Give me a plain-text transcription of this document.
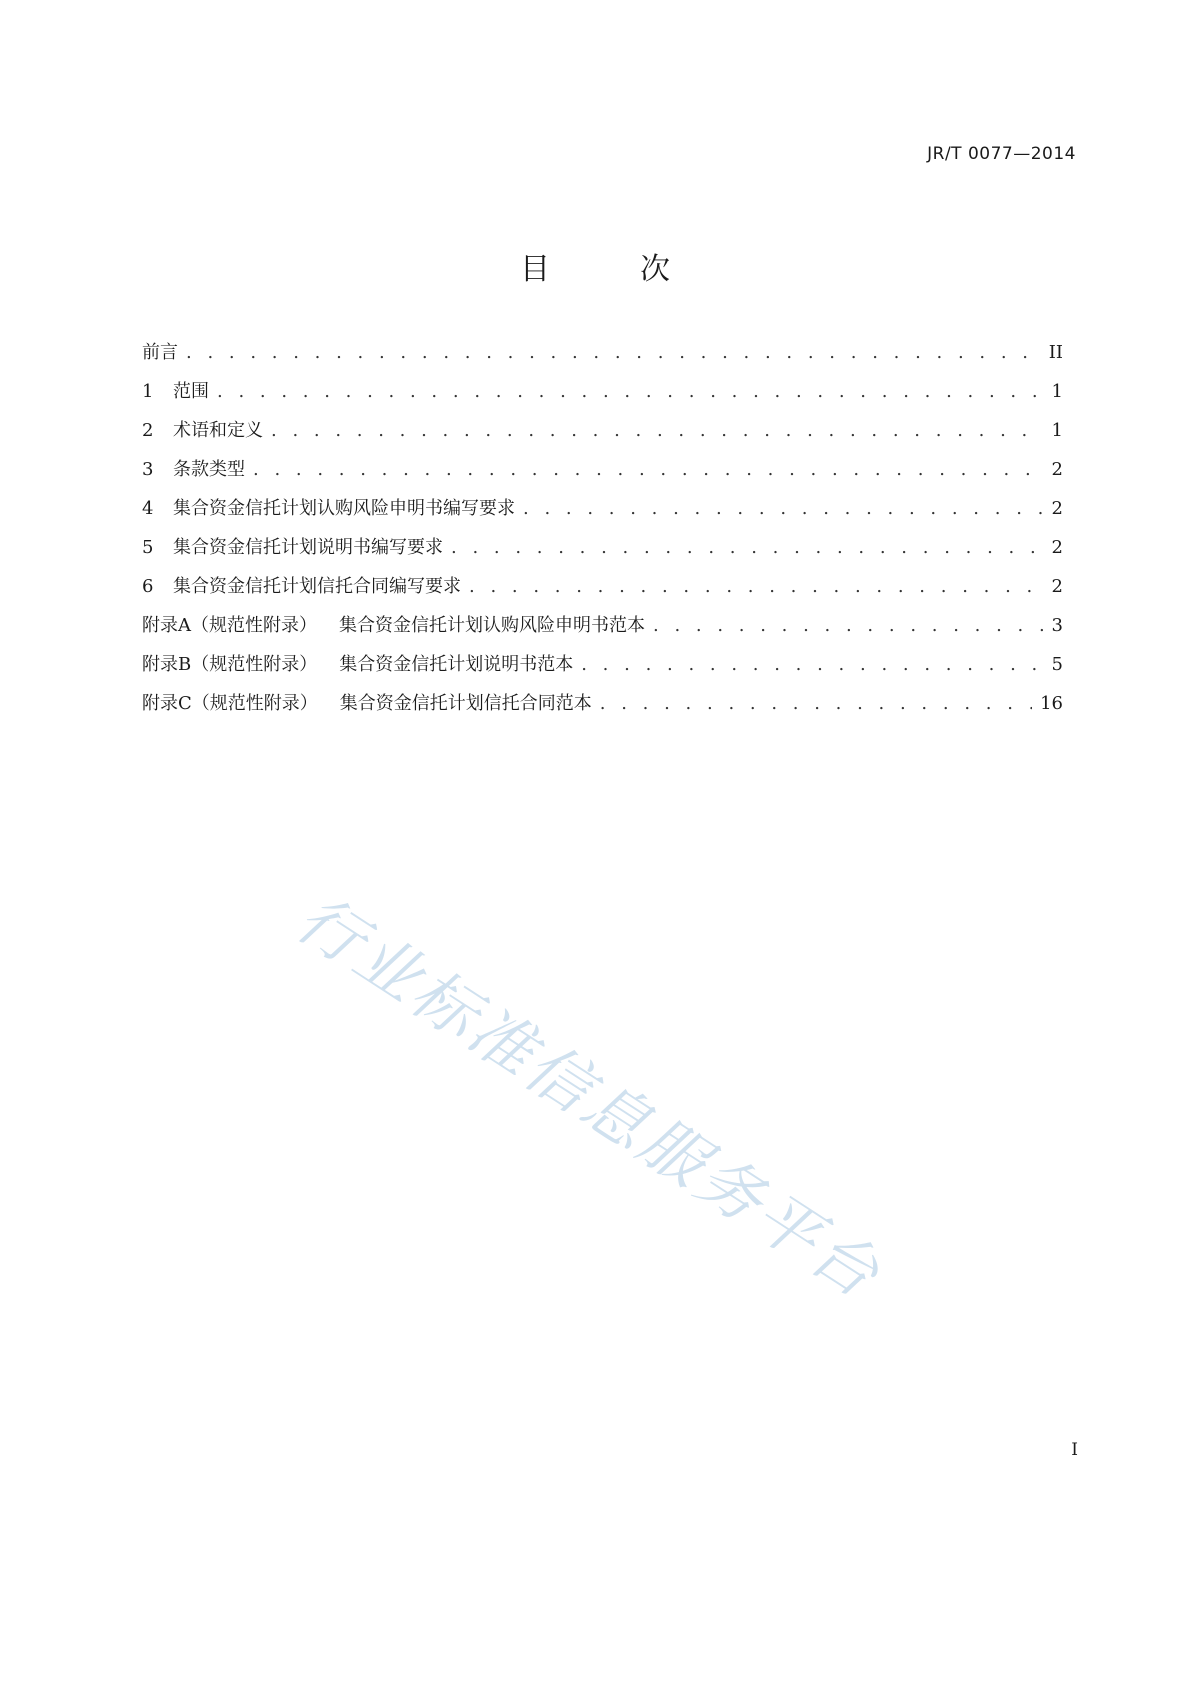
JR/T 0077—2014
目　次
前言 . . .	II
1	范围 . . .	1
2	术语和定义 . . .	1
3	条款类型 . . .	2
4	集合资金信托计划认购风险申明书编写要求 . . .	2
5	集合资金信托计划说明书编写要求 . . .	2
6	集合资金信托计划信托合同编写要求 . . .	2
附录A（规范性附录） 集合资金信托计划认购风险申明书范本 . . .	3
附录B（规范性附录） 集合资金信托计划说明书范本 . . .	5
附录C（规范性附录） 集合资金信托计划信托合同范本 . . .	16
行业标准信息服务平台
I
